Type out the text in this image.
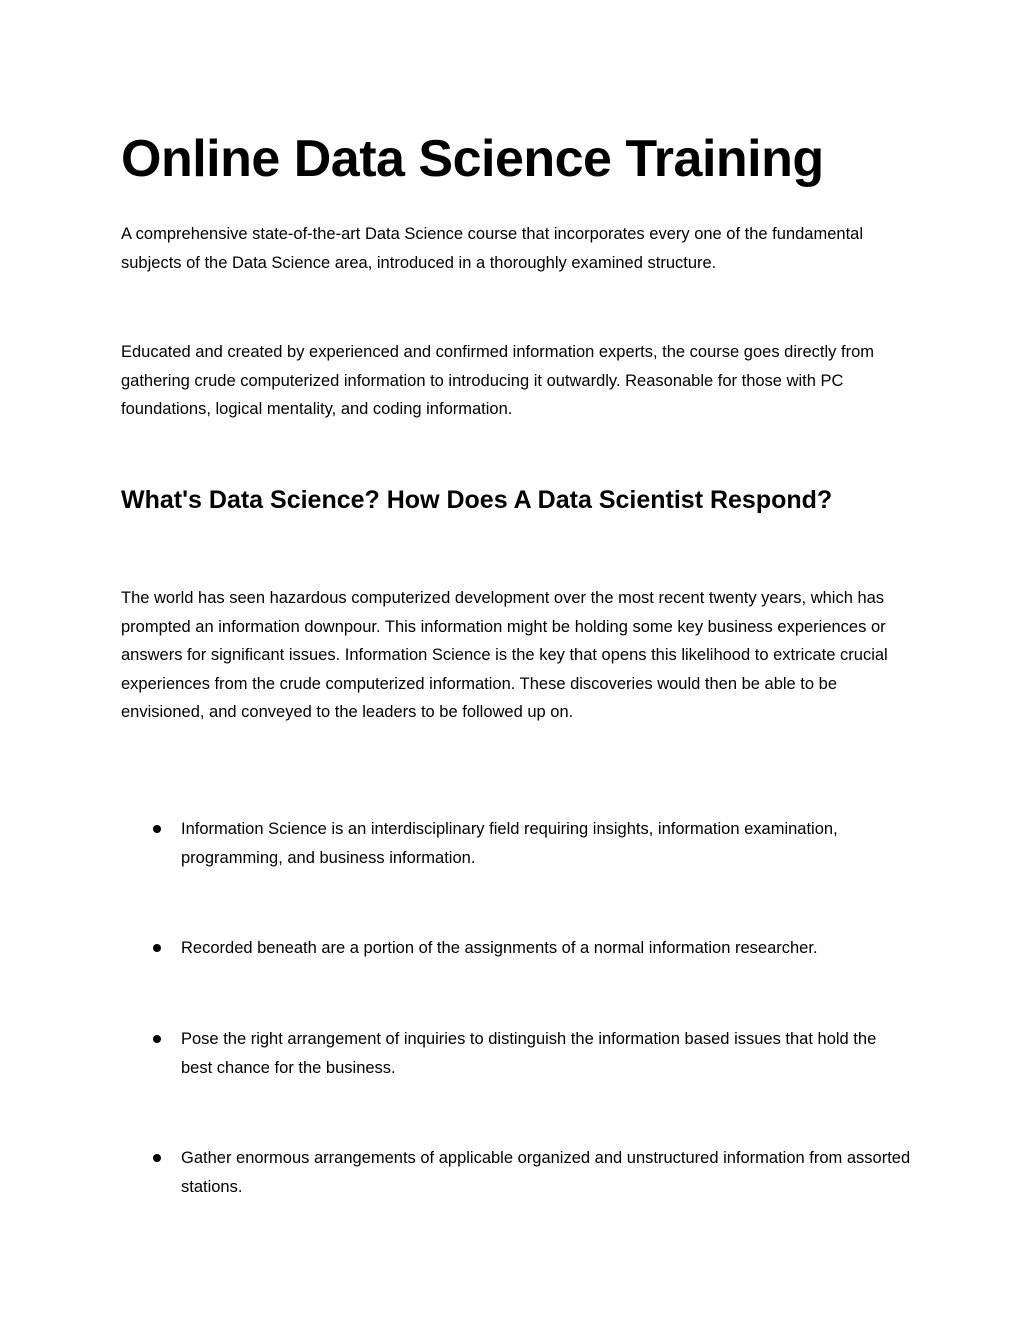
Online Data Science Training

A comprehensive state-of-the-art Data Science course that incorporates every one of the fundamental subjects of the Data Science area, introduced in a thoroughly examined structure.

Educated and created by experienced and confirmed information experts, the course goes directly from gathering crude computerized information to introducing it outwardly. Reasonable for those with PC foundations, logical mentality, and coding information.

What's Data Science? How Does A Data Scientist Respond?

The world has seen hazardous computerized development over the most recent twenty years, which has prompted an information downpour. This information might be holding some key business experiences or answers for significant issues. Information Science is the key that opens this likelihood to extricate crucial experiences from the crude computerized information. These discoveries would then be able to be envisioned, and conveyed to the leaders to be followed up on.

Information Science is an interdisciplinary field requiring insights, information examination, programming, and business information.
Recorded beneath are a portion of the assignments of a normal information researcher.
Pose the right arrangement of inquiries to distinguish the information based issues that hold the best chance for the business.
Gather enormous arrangements of applicable organized and unstructured information from assorted stations.
